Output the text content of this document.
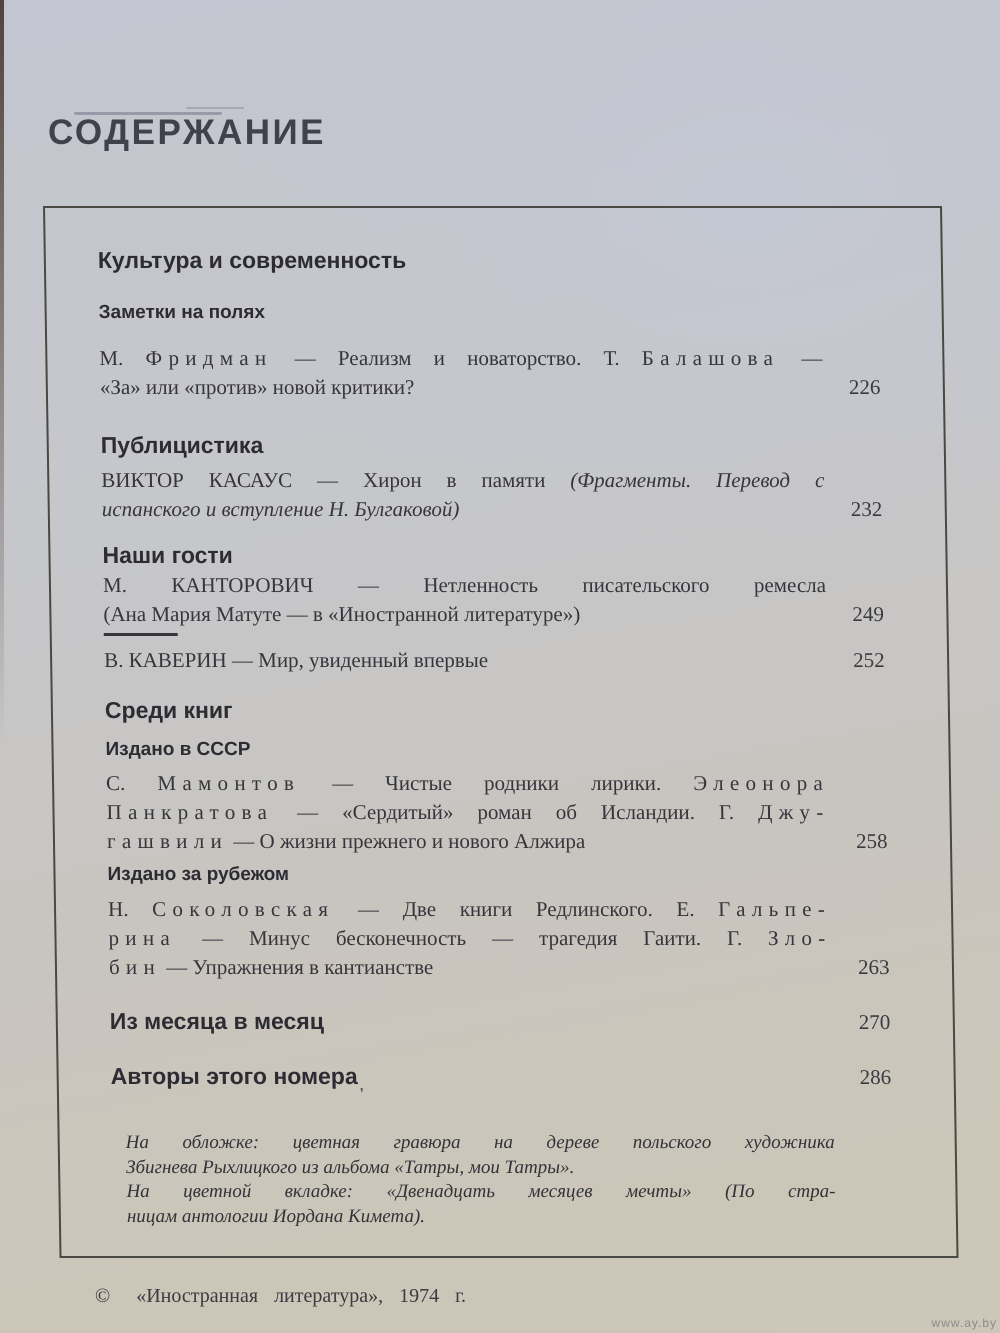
СОДЕРЖАНИЕ
Культура и современность
Заметки на полях
М. Фридман — Реализм и новаторство. Т. Балашова —
«За» или «против» новой критики?	226
Публицистика
ВИКТОР КАСАУС — Хирон в памяти (Фрагменты. Перевод с
испанского и вступление Н. Булгаковой)	232
Наши гости
М. КАНТОРОВИЧ — Нетленность писательского ремесла
(Ана Мария Матуте — в «Иностранной литературе»)	249
В. КАВЕРИН — Мир, увиденный впервые	252
Среди книг
Издано в СССР
С. Мамонтов — Чистые родники лирики. Элеонора
Панкратова — «Сердитый» роман об Исландии. Г. Джу-
гашвили — О жизни прежнего и нового Алжира	258
Издано за рубежом
Н. Соколовская — Две книги Редлинского. Е. Гальпе-
рина — Минус бесконечность — трагедия Гаити. Г. Зло-
бин — Упражнения в кантианстве	263
Из месяца в месяц	270
Авторы этого номера $_,$	286
На обложке: цветная гравюра на дереве польского художника
Збигнева Рыхлицкого из альбома «Татры, мои Татры».
На цветной вкладке: «Двенадцать месяцев мечты» (По стра-
ницам антологии Иордана Кимета).
© «Иностранная литература», 1974 г.
www.ay.by
